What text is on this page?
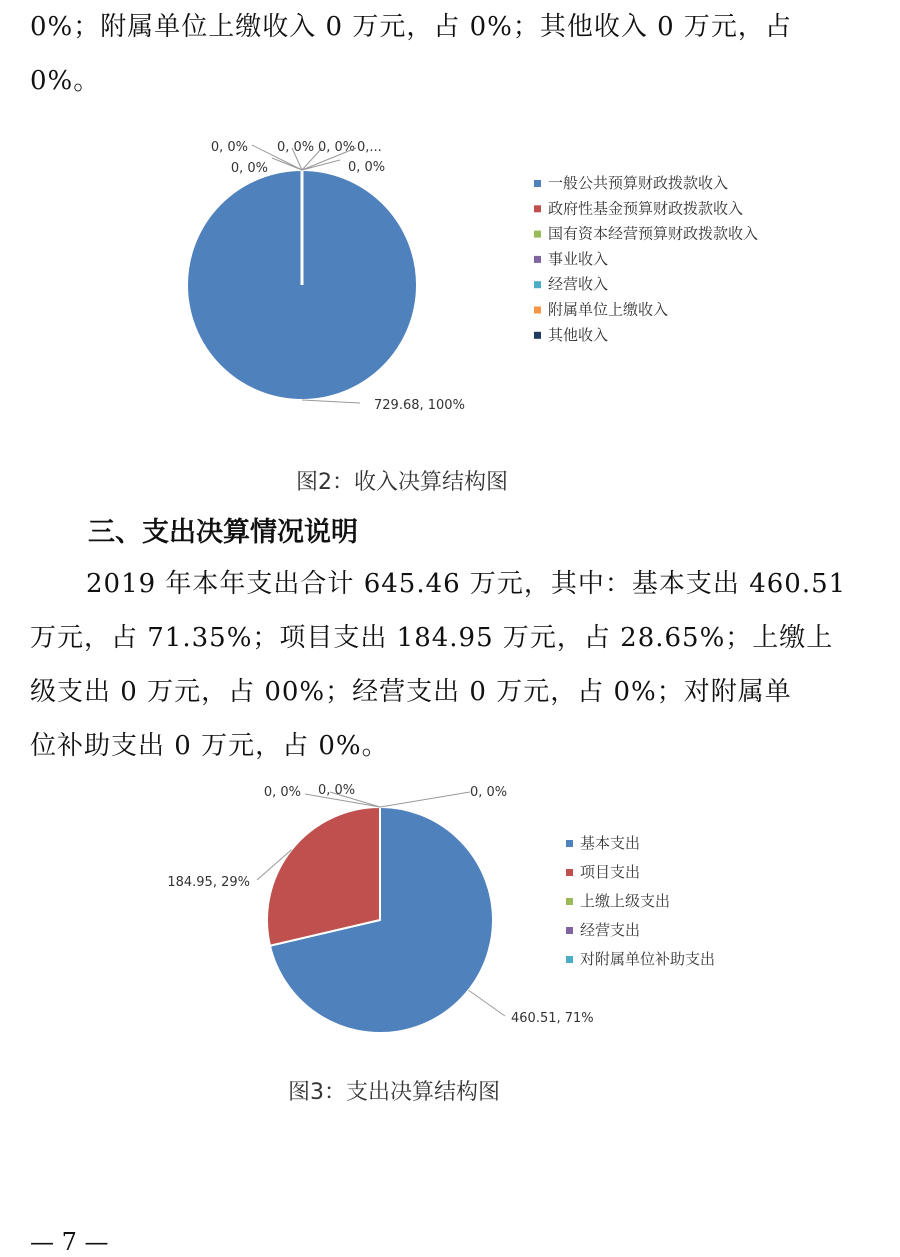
0%；附属单位上缴收入 0 万元，占 0%；其他收入 0 万元，占
0%。
729.68, 100%
0, 0%
0, 0% 0, 0% 0, 0%
0, 0%
0,...
一般公共预算财政拨款收入
政府性基金预算财政拨款收入
国有资本经营预算财政拨款收入
事业收入
经营收入
附属单位上缴收入
其他收入
图2：收入决算结构图
三、支出决算情况说明
2019 年本年支出合计 645.46 万元，其中：基本支出 460.51
万元，占 71.35%；项目支出 184.95 万元，占 28.65%；上缴上
级支出 0 万元，占 00%；经营支出 0 万元，占 0%；对附属单
位补助支出 0 万元，占 0%。
460.51, 71%
184.95, 29%
0, 0% 0, 0%	0, 0%
基本支出
项目支出
上缴上级支出
经营支出
对附属单位补助支出
图3：支出决算结构图
— 7 —
